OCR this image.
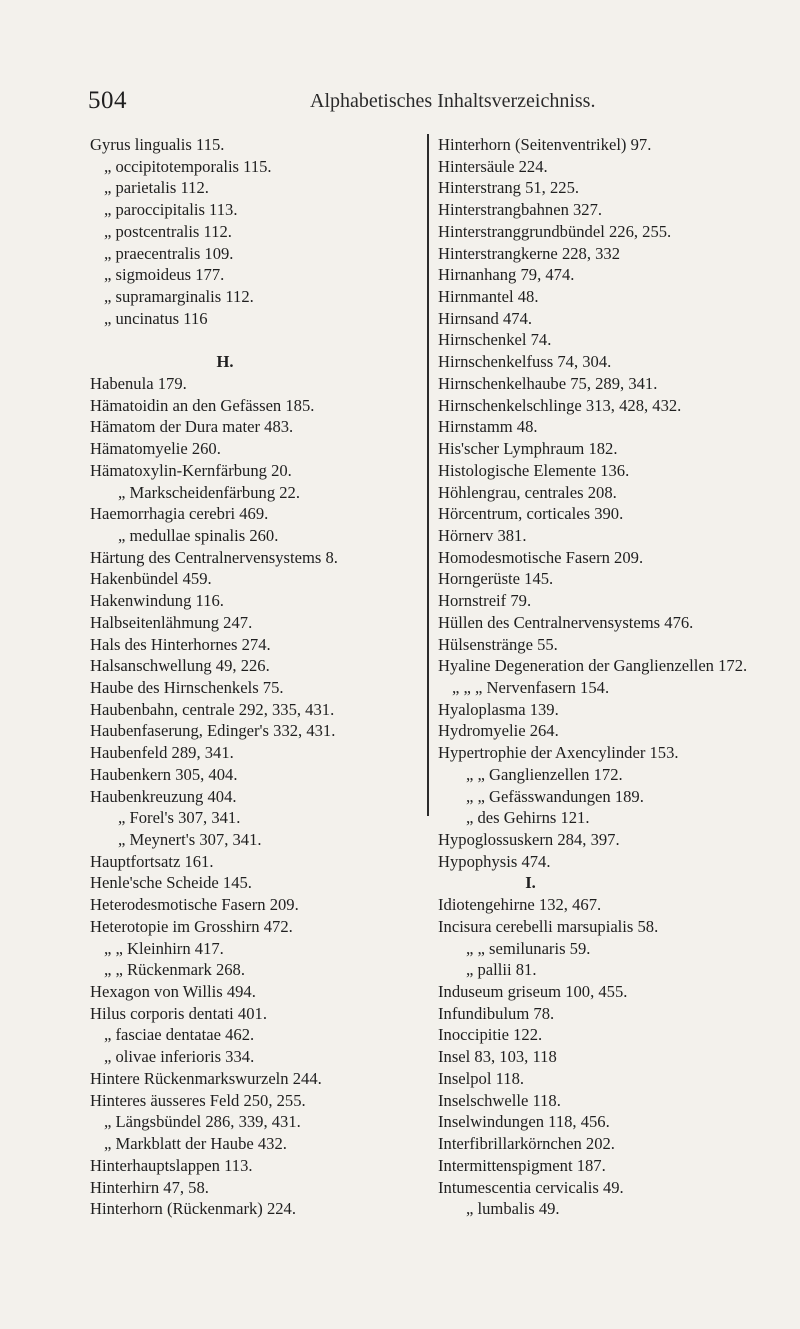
504	Alphabetisches Inhaltsverzeichniss.
Gyrus lingualis 115.
„ occipitotemporalis 115.
„ parietalis 112.
„ paroccipitalis 113.
„ postcentralis 112.
„ praecentralis 109.
„ sigmoideus 177.
„ supramarginalis 112.
„ uncinatus 116
H.
Habenula 179.
Hämatoidin an den Gefässen 185.
Hämatom der Dura mater 483.
Hämatomyelie 260.
Hämatoxylin-Kernfärbung 20.
„ Markscheidenfärbung 22.
Haemorrhagia cerebri 469.
„ medullae spinalis 260.
Härtung des Centralnervensystems 8.
Hakenbündel 459.
Hakenwindung 116.
Halbseitenlähmung 247.
Hals des Hinterhornes 274.
Halsanschwellung 49, 226.
Haube des Hirnschenkels 75.
Haubenbahn, centrale 292, 335, 431.
Haubenfaserung, Edinger's 332, 431.
Haubenfeld 289, 341.
Haubenkern 305, 404.
Haubenkreuzung 404.
„ Forel's 307, 341.
„ Meynert's 307, 341.
Hauptfortsatz 161.
Henle'sche Scheide 145.
Heterodesmotische Fasern 209.
Heterotopie im Grosshirn 472.
„ „ Kleinhirn 417.
„ „ Rückenmark 268.
Hexagon von Willis 494.
Hilus corporis dentati 401.
„ fasciae dentatae 462.
„ olivae inferioris 334.
Hintere Rückenmarkswurzeln 244.
Hinteres äusseres Feld 250, 255.
„ Längsbündel 286, 339, 431.
„ Markblatt der Haube 432.
Hinterhauptslappen 113.
Hinterhirn 47, 58.
Hinterhorn (Rückenmark) 224.
Hinterhorn (Seitenventrikel) 97.
Hintersäule 224.
Hinterstrang 51, 225.
Hinterstrangbahnen 327.
Hinterstranggrundbündel 226, 255.
Hinterstrangkerne 228, 332
Hirnanhang 79, 474.
Hirnmantel 48.
Hirnsand 474.
Hirnschenkel 74.
Hirnschenkelfuss 74, 304.
Hirnschenkelhaube 75, 289, 341.
Hirnschenkelschlinge 313, 428, 432.
Hirnstamm 48.
His'scher Lymphraum 182.
Histologische Elemente 136.
Höhlengrau, centrales 208.
Hörcentrum, corticales 390.
Hörnerv 381.
Homodesmotische Fasern 209.
Horngerüste 145.
Hornstreif 79.
Hüllen des Centralnervensystems 476.
Hülsenstränge 55.
Hyaline Degeneration der Ganglienzellen 172.
„ „ „ Nervenfasern 154.
Hyaloplasma 139.
Hydromyelie 264.
Hypertrophie der Axencylinder 153.
„ „ Ganglienzellen 172.
„ „ Gefässwandungen 189.
„ des Gehirns 121.
Hypoglossuskern 284, 397.
Hypophysis 474.
I.
Idiotengehirne 132, 467.
Incisura cerebelli marsupialis 58.
„ „ semilunaris 59.
„ pallii 81.
Induseum griseum 100, 455.
Infundibulum 78.
Inoccipitie 122.
Insel 83, 103, 118
Inselpol 118.
Inselschwelle 118.
Inselwindungen 118, 456.
Interfibrillarkörnchen 202.
Intermittenspigment 187.
Intumescentia cervicalis 49.
„ lumbalis 49.
